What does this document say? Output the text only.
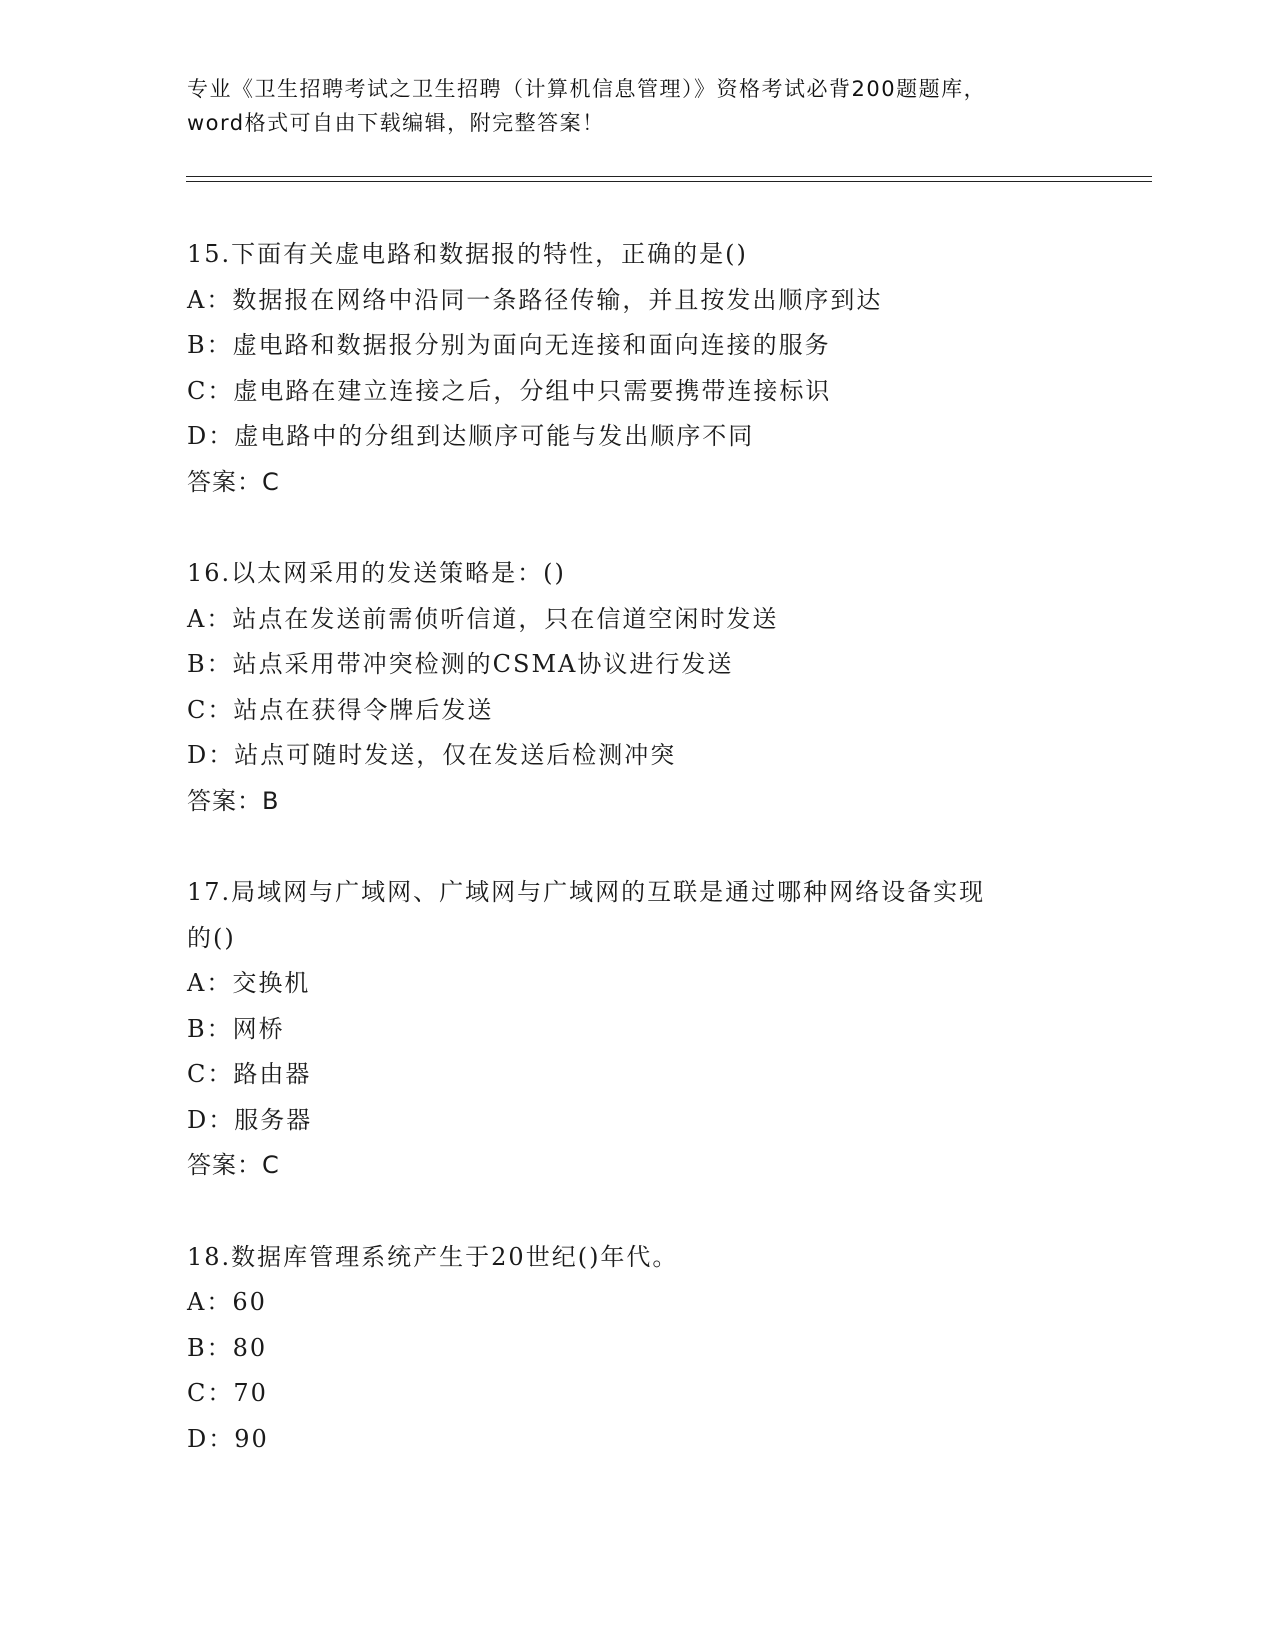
专业《卫生招聘考试之卫生招聘（计算机信息管理）》资格考试必背200题题库，
word格式可自由下载编辑，附完整答案！
15.下面有关虚电路和数据报的特性，正确的是()
A：数据报在网络中沿同一条路径传输，并且按发出顺序到达
B：虚电路和数据报分别为面向无连接和面向连接的服务
C：虚电路在建立连接之后，分组中只需要携带连接标识
D：虚电路中的分组到达顺序可能与发出顺序不同
答案：C
16.以太网采用的发送策略是：()
A：站点在发送前需侦听信道，只在信道空闲时发送
B：站点采用带冲突检测的CSMA协议进行发送
C：站点在获得令牌后发送
D：站点可随时发送，仅在发送后检测冲突
答案：B
17.局域网与广域网、广域网与广域网的互联是通过哪种网络设备实现
的()
A：交换机
B：网桥
C：路由器
D：服务器
答案：C
18.数据库管理系统产生于20世纪()年代。
A：60
B：80
C：70
D：90
